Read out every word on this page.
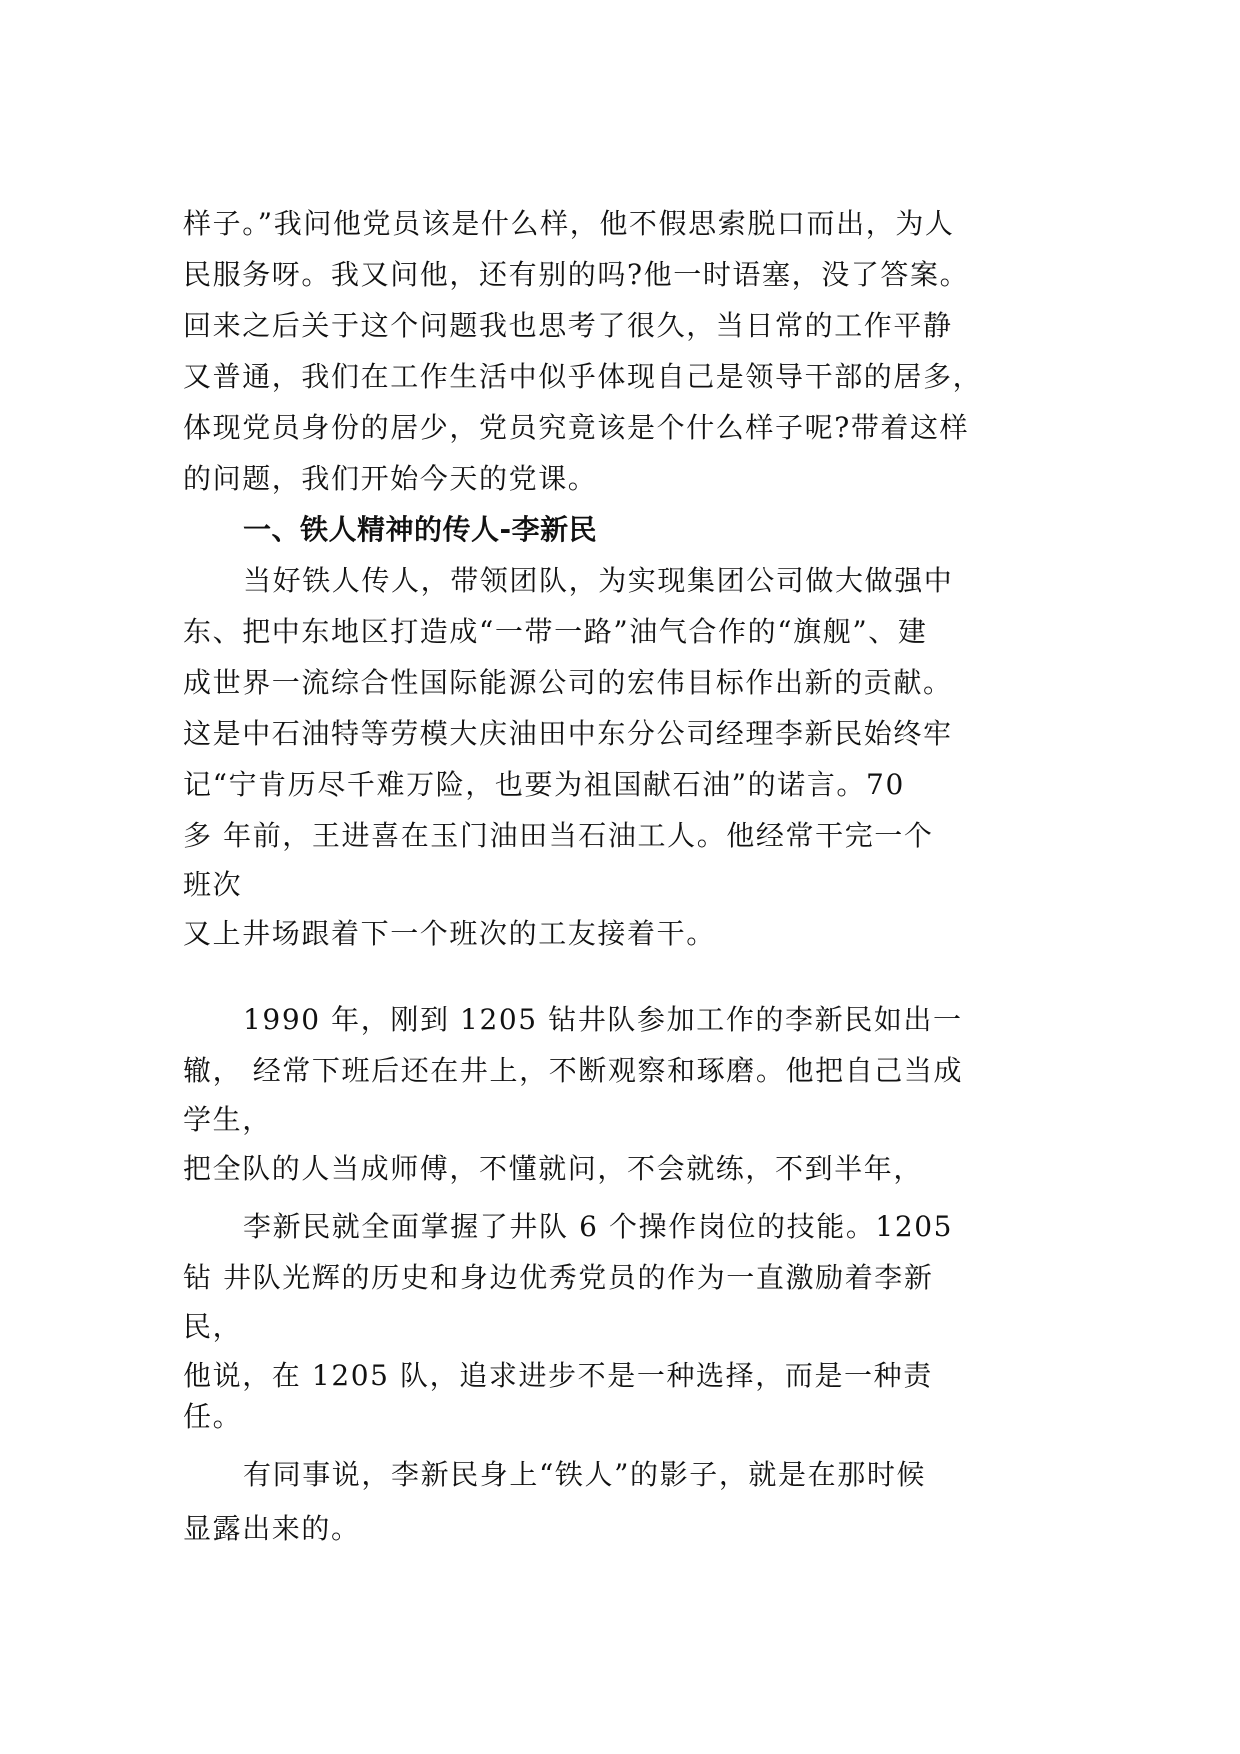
样子。”我问他党员该是什么样，他不假思索脱口而出，为人
民服务呀。我又问他，还有别的吗?他一时语塞，没了答案。
回来之后关于这个问题我也思考了很久，当日常的工作平静
又普通，我们在工作生活中似乎体现自己是领导干部的居多，
体现党员身份的居少，党员究竟该是个什么样子呢?带着这样
的问题，我们开始今天的党课。
一、铁人精神的传人-李新民
当好铁人传人，带领团队，为实现集团公司做大做强中
东、把中东地区打造成“一带一路”油气合作的“旗舰”、建
成世界一流综合性国际能源公司的宏伟目标作出新的贡献。
这是中石油特等劳模大庆油田中东分公司经理李新民始终牢
记“宁肯历尽千难万险，也要为祖国献石油”的诺言。70
多 年前，王进喜在玉门油田当石油工人。他经常干完一个
班次
又上井场跟着下一个班次的工友接着干。
1990 年，刚到 1205 钻井队参加工作的李新民如出一
辙， 经常下班后还在井上，不断观察和琢磨。他把自己当成
学生，
把全队的人当成师傅，不懂就问，不会就练，不到半年，
李新民就全面掌握了井队 6 个操作岗位的技能。1205
钻 井队光辉的历史和身边优秀党员的作为一直激励着李新
民，
他说，在 1205 队，追求进步不是一种选择，而是一种责
任。
有同事说，李新民身上“铁人”的影子，就是在那时候
显露出来的。
